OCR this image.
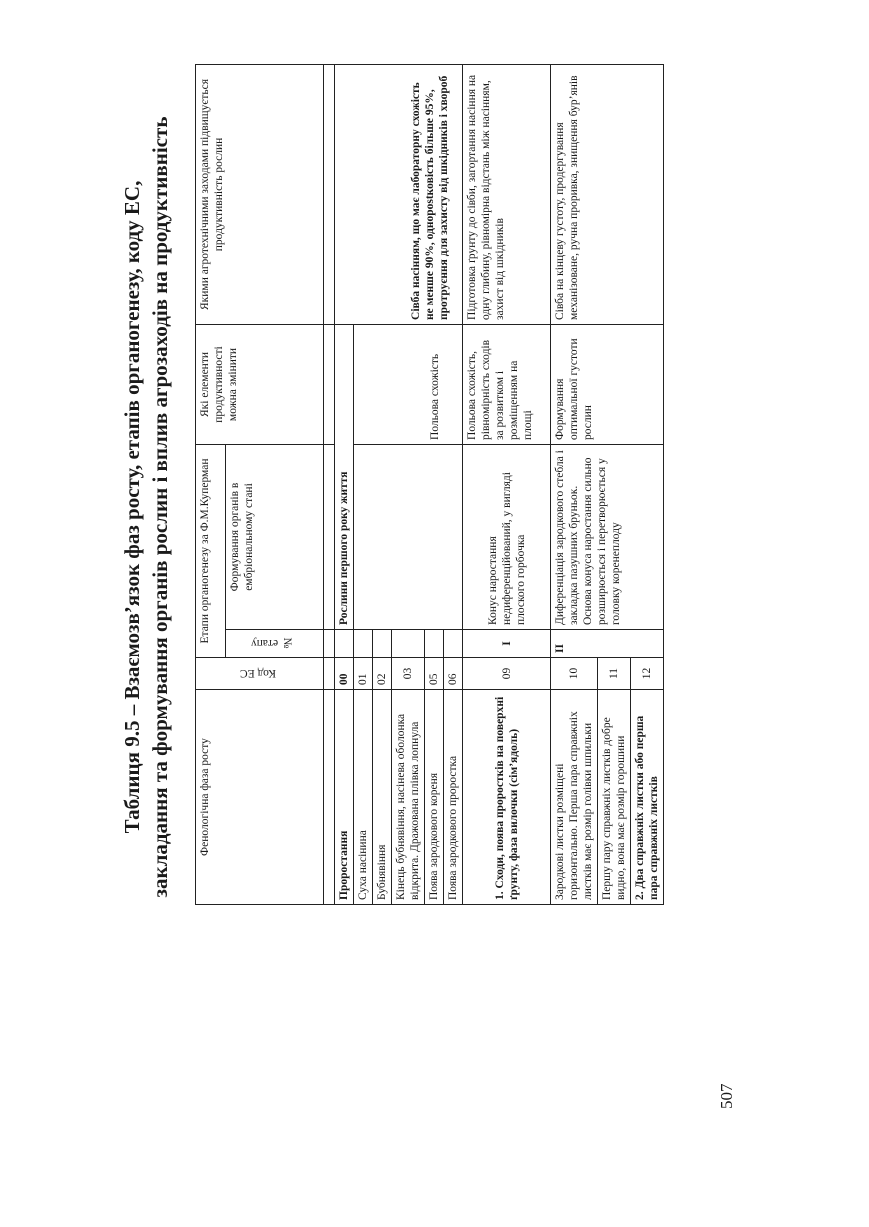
Таблиця 9.5 – Взаємозв’язок фаз росту, етапів органогенезу, коду ЕС, закладання та формування органів рослин і вплив агрозаходів на продуктивність Фенологічна фаза росту	Код ЕС	Етапи органогенезу за Ф.М.Куперман		Які елементи продуктивності можна змінити	Якими агротехнічними заходами підвищується продуктивність рослин
		№ етапу	Формування органів в ембріональному стані		

Проростання	00		Рослини першого року життя		Сівба насінням, що має лабораторну схожість не менше 90%, однорostковість більше 95%, протруєння для захисту від шкідників і хвороб
Суха насінина	01			Польова схожість	
Бубнявіння	02				
Кінець бубнявіння, насінева оболонка відкрита. Дражована плівка лопнула	03				
Поява зародкового кореня	05				
Поява зародкового проростка	06				
1. Сходи, поява проростків на поверхні ґрунту, фаза вилочки (сім’ядоль)	09	I	Конус наростання недиференційований, у вигляді плоского горбочка	Польова схожість, рівномірність сходів за розвитком і розміщенням на площі	Підготовка ґрунту до сівби, загортання насіння на одну глибину, рівномірна відстань між насінням, захист від шкідників
Зародкові листки розміщені горизонтально. Перша пара справжніх листків має розмір голівки шпильки	10	II	Диференціація зародкового стебла і закладка пазушних бруньок. Основа конуса наростання сильно розширюється і перетворюється у головку коренеплоду	Формування оптимальної густоти рослин	Сівба на кінцеву густоту, продергування механізоване, ручна проривка, знищення бур’янів
Першу пару справжніх листків добре видно, вона має розмір горошини	11				
2. Два справжніх листки або перша пара справжніх листків	12				
507
